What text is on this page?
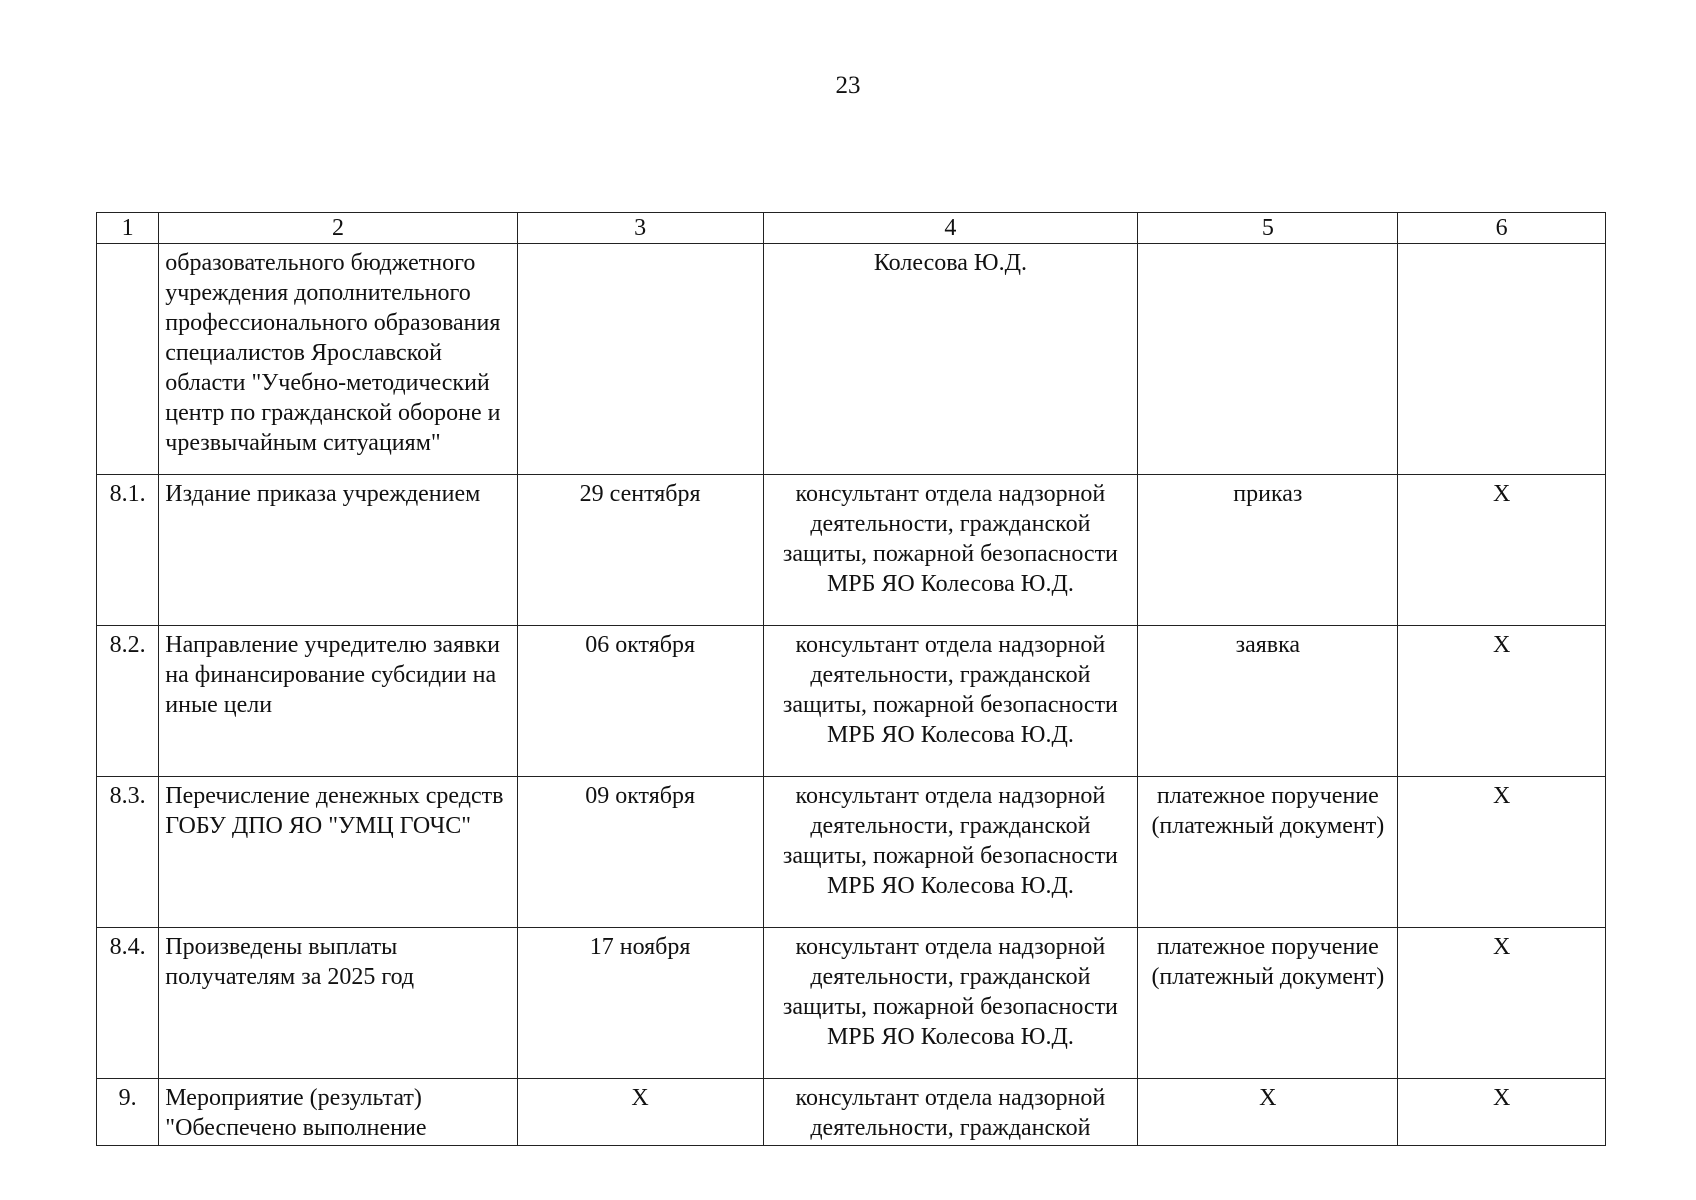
23
1	2	3	4	5	6
	образовательного бюджетного учреждения дополнительного профессионального образования специалистов Ярославской области "Учебно-методический центр по гражданской обороне и чрезвычайным ситуациям"		Колесова Ю.Д.		
8.1.	Издание приказа учреждением	29 сентября	консультант отдела надзорной деятельности, гражданской защиты, пожарной безопасности МРБ ЯО Колесова Ю.Д.	приказ	X
8.2.	Направление учредителю заявки на финансирование субсидии на иные цели	06 октября	консультант отдела надзорной деятельности, гражданской защиты, пожарной безопасности МРБ ЯО Колесова Ю.Д.	заявка	X
8.3.	Перечисление денежных средств ГОБУ ДПО ЯО "УМЦ ГОЧС"	09 октября	консультант отдела надзорной деятельности, гражданской защиты, пожарной безопасности МРБ ЯО Колесова Ю.Д.	платежное поручение (платежный документ)	X
8.4.	Произведены выплаты получателям за 2025 год	17 ноября	консультант отдела надзорной деятельности, гражданской защиты, пожарной безопасности МРБ ЯО Колесова Ю.Д.	платежное поручение (платежный документ)	X
9.	Мероприятие (результат) "Обеспечено выполнение	X	консультант отдела надзорной деятельности, гражданской	X	X
